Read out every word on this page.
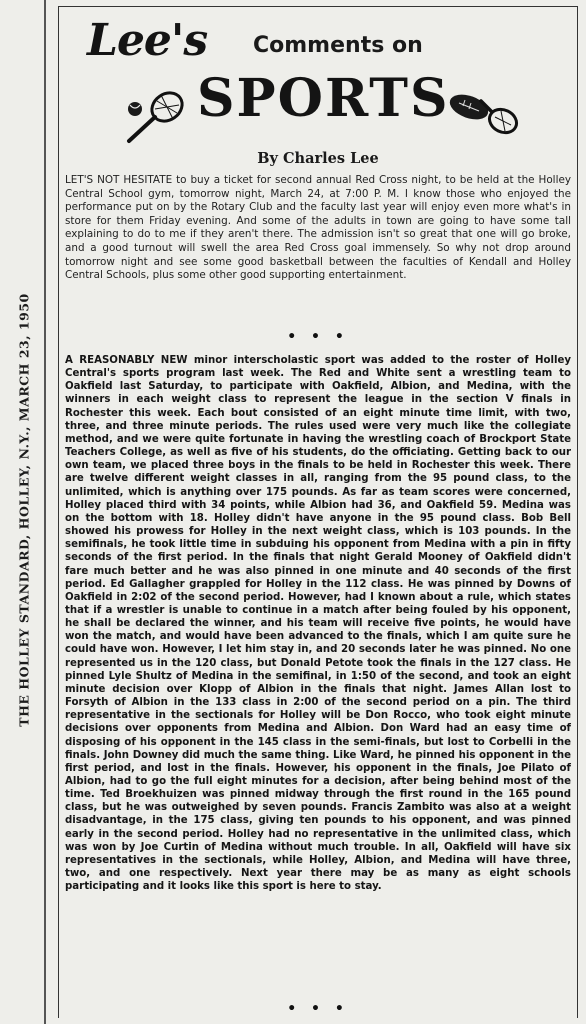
THE HOLLEY STANDARD, HOLLEY, N.Y., MARCH 23, 1950
Lee's Comments on
SPORTS
By Charles Lee
LET'S NOT HESITATE to buy a ticket for second annual Red Cross night, to be held at the Holley Central School gym, tomorrow night, March 24, at 7:00 P. M. I know those who enjoyed the performance put on by the Rotary Club and the faculty last year will enjoy even more what's in store for them Friday evening. And some of the adults in town are going to have some tall explaining to do to me if they aren't there. The admission isn't so great that one will go broke, and a good turnout will swell the area Red Cross goal immensely. So why not drop around tomorrow night and see some good basketball between the faculties of Kendall and Holley Central Schools, plus some other good supporting entertainment.
• • •
A REASONABLY NEW minor interscholastic sport was added to the roster of Holley Central's sports program last week. The Red and White sent a wrestling team to Oakfield last Saturday, to participate with Oakfield, Albion, and Medina, with the winners in each weight class to represent the league in the section V finals in Rochester this week. Each bout consisted of an eight minute time limit, with two, three, and three minute periods. The rules used were very much like the collegiate method, and we were quite fortunate in having the wrestling coach of Brockport State Teachers College, as well as five of his students, do the officiating. Getting back to our own team, we placed three boys in the finals to be held in Rochester this week. There are twelve different weight classes in all, ranging from the 95 pound class, to the unlimited, which is anything over 175 pounds. As far as team scores were concerned, Holley placed third with 34 points, while Albion had 36, and Oakfield 59. Medina was on the bottom with 18. Holley didn't have anyone in the 95 pound class. Bob Bell showed his prowess for Holley in the next weight class, which is 103 pounds. In the semifinals, he took little time in subduing his opponent from Medina with a pin in fifty seconds of the first period. In the finals that night Gerald Mooney of Oakfield didn't fare much better and he was also pinned in one minute and 40 seconds of the first period. Ed Gallagher grappled for Holley in the 112 class. He was pinned by Downs of Oakfield in 2:02 of the second period. However, had I known about a rule, which states that if a wrestler is unable to continue in a match after being fouled by his opponent, he shall be declared the winner, and his team will receive five points, he would have won the match, and would have been advanced to the finals, which I am quite sure he could have won. However, I let him stay in, and 20 seconds later he was pinned. No one represented us in the 120 class, but Donald Petote took the finals in the 127 class. He pinned Lyle Shultz of Medina in the semifinal, in 1:50 of the second, and took an eight minute decision over Klopp of Albion in the finals that night. James Allan lost to Forsyth of Albion in the 133 class in 2:00 of the second period on a pin. The third representative in the sectionals for Holley will be Don Rocco, who took eight minute decisions over opponents from Medina and Albion. Don Ward had an easy time of disposing of his opponent in the 145 class in the semi-finals, but lost to Corbelli in the finals. John Downey did much the same thing. Like Ward, he pinned his opponent in the first period, and lost in the finals. However, his opponent in the finals, Joe Pilato of Albion, had to go the full eight minutes for a decision, after being behind most of the time. Ted Broekhuizen was pinned midway through the first round in the 165 pound class, but he was outweighed by seven pounds. Francis Zambito was also at a weight disadvantage, in the 175 class, giving ten pounds to his opponent, and was pinned early in the second period. Holley had no representative in the unlimited class, which was won by Joe Curtin of Medina without much trouble. In all, Oakfield will have six representatives in the sectionals, while Holley, Albion, and Medina will have three, two, and one respectively. Next year there may be as many as eight schools participating and it looks like this sport is here to stay.
• • •
